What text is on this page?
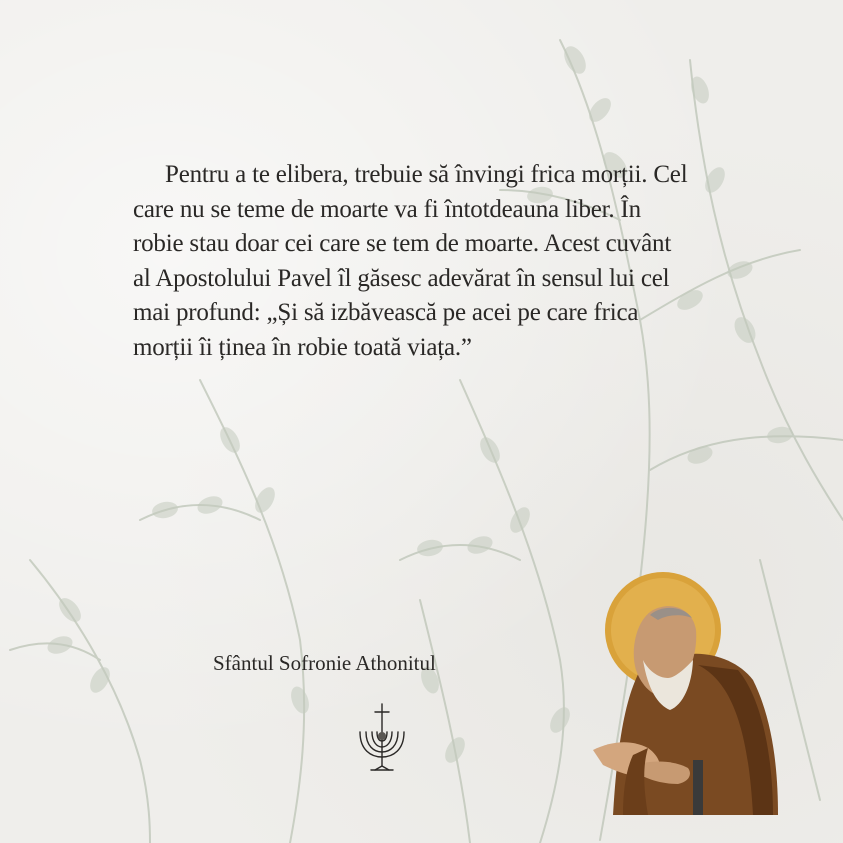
Pentru a te elibera, trebuie să învingi frica morții. Cel
care nu se teme de moarte va fi întotdeauna liber. În
robie stau doar cei care se tem de moarte. Acest cuvânt
al Apostolului Pavel îl găsesc adevărat în sensul lui cel
mai profund: „Și să izbăvească pe acei pe care frica
morții îi ținea în robie toată viața.”

Sfântul Sofronie Athonitul
